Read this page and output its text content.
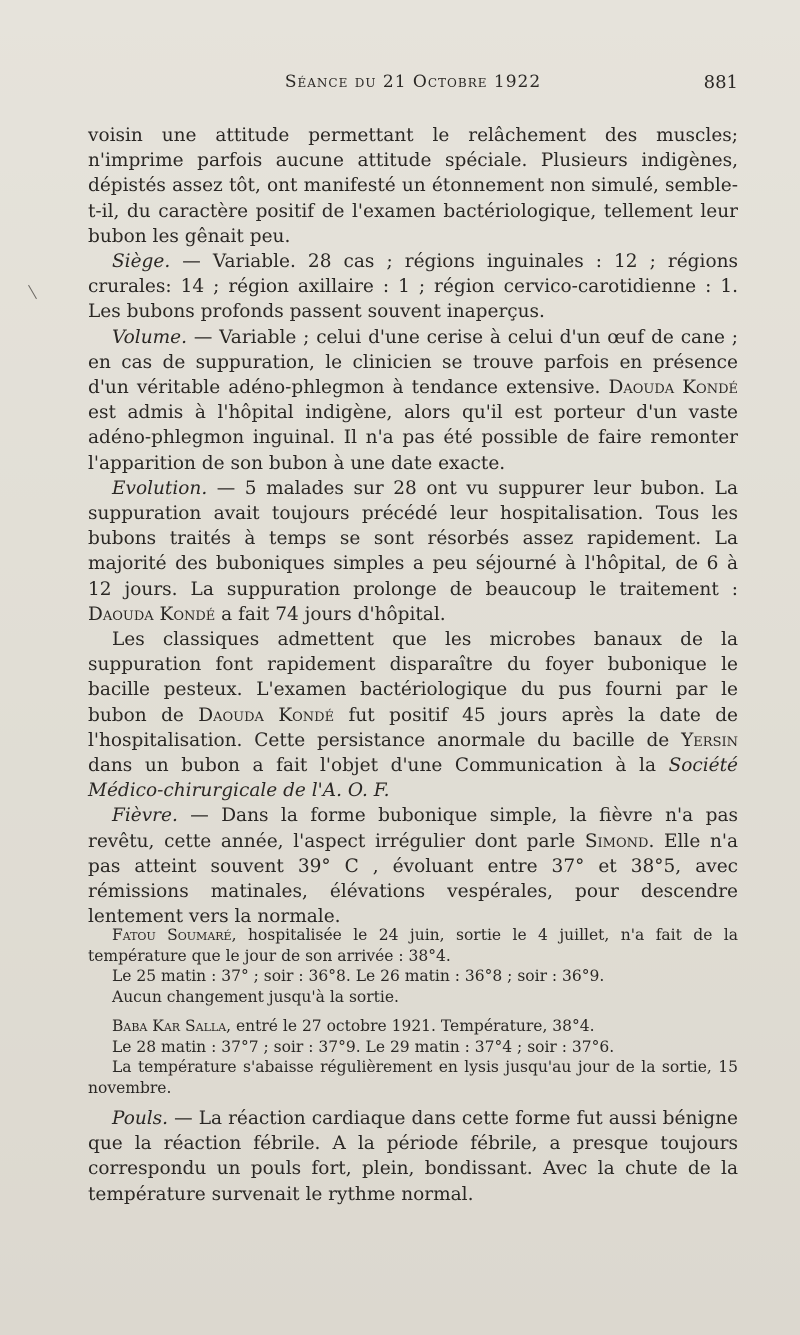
Séance du 21 Octobre 1922	881

voisin une attitude permettant le relâchement des muscles; n'imprime parfois aucune attitude spéciale. Plusieurs indigènes, dépistés assez tôt, ont manifesté un étonnement non simulé, semble-t-il, du caractère positif de l'examen bactériologique, tellement leur bubon les gênait peu.

Siège. — Variable. 28 cas ; régions inguinales : 12 ; régions crurales: 14 ; région axillaire : 1 ; région cervico-carotidienne : 1. Les bubons profonds passent souvent inaperçus.

Volume. — Variable ; celui d'une cerise à celui d'un œuf de cane ; en cas de suppuration, le clinicien se trouve parfois en présence d'un véritable adéno-phlegmon à tendance extensive. Daouda Kondé est admis à l'hôpital indigène, alors qu'il est porteur d'un vaste adéno-phlegmon inguinal. Il n'a pas été possible de faire remonter l'apparition de son bubon à une date exacte.

Evolution. — 5 malades sur 28 ont vu suppurer leur bubon. La suppuration avait toujours précédé leur hospitalisation. Tous les bubons traités à temps se sont résorbés assez rapidement. La majorité des buboniques simples a peu séjourné à l'hôpital, de 6 à 12 jours. La suppuration prolonge de beaucoup le traitement : Daouda Kondé a fait 74 jours d'hôpital.

Les classiques admettent que les microbes banaux de la suppuration font rapidement disparaître du foyer bubonique le bacille pesteux. L'examen bactériologique du pus fourni par le bubon de Daouda Kondé fut positif 45 jours après la date de l'hospitalisation. Cette persistance anormale du bacille de Yersin dans un bubon a fait l'objet d'une Communication à la Société Médico-chirurgicale de l'A. O. F.

Fièvre. — Dans la forme bubonique simple, la fièvre n'a pas revêtu, cette année, l'aspect irrégulier dont parle Simond. Elle n'a pas atteint souvent 39° C , évoluant entre 37° et 38°5, avec rémissions matinales, élévations vespérales, pour descendre lentement vers la normale.

Fatou Soumaré, hospitalisée le 24 juin, sortie le 4 juillet, n'a fait de la température que le jour de son arrivée : 38°4.

Le 25 matin : 37° ; soir : 36°8. Le 26 matin : 36°8 ; soir : 36°9.

Aucun changement jusqu'à la sortie.

Baba Kar Salla, entré le 27 octobre 1921. Température, 38°4.

Le 28 matin : 37°7 ; soir : 37°9. Le 29 matin : 37°4 ; soir : 37°6.

La température s'abaisse régulièrement en lysis jusqu'au jour de la sortie, 15 novembre.

Pouls. — La réaction cardiaque dans cette forme fut aussi bénigne que la réaction fébrile. A la période fébrile, a presque toujours correspondu un pouls fort, plein, bondissant. Avec la chute de la température survenait le rythme normal.
